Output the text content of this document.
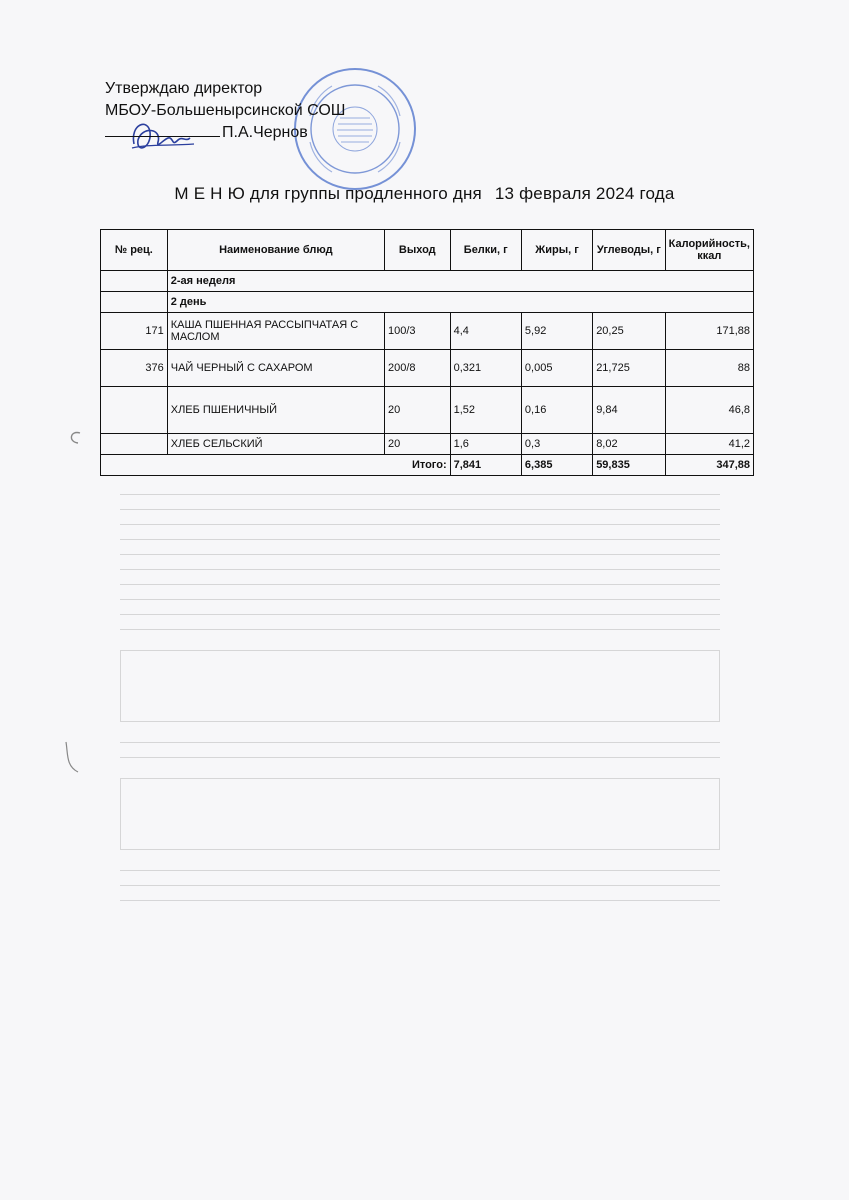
Утверждаю директор
МБОУ-Большенырсинской СОШ
П.А.Чернов
М Е Н Ю для группы продленного дня 13 февраля 2024 года
№ рец.	Наименование блюд	Выход	Белки, г	Жиры, г	Углеводы, г	Калорийность, ккал
	2-ая неделя					
	2 день					
171	КАША ПШЕННАЯ РАССЫПЧАТАЯ С МАСЛОМ	100/3	4,4	5,92	20,25	171,88
376	ЧАЙ ЧЕРНЫЙ С САХАРОМ	200/8	0,321	0,005	21,725	88
	ХЛЕБ ПШЕНИЧНЫЙ	20	1,52	0,16	9,84	46,8
	ХЛЕБ СЕЛЬСКИЙ	20	1,6	0,3	8,02	41,2
Итого:			7,841	6,385	59,835	347,88
